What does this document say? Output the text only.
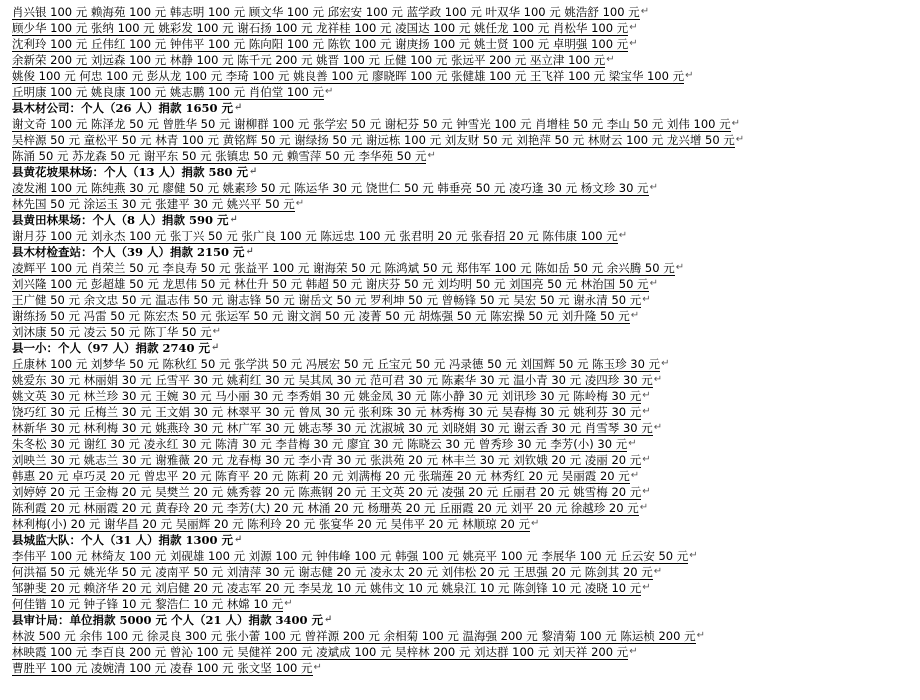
肖兴银 100 元 赖海苑 100 元 韩志明 100 元 顾文华 100 元 邱宏安 100 元 蓝学政 100 元 叶双华 100 元 姚浩舒 100 元↵
顾少华 100 元 张纳 100 元 姚彩发 100 元 谢石扬 100 元 龙祥桂 100 元 凌国达 100 元 姚任龙 100 元 肖松华 100 元↵
沈利玲 100 元 丘伟红 100 元 钟伟平 100 元 陈向阳 100 元 陈钦 100 元 谢庚扬 100 元 姚士贤 100 元 卓明强 100 元↵
余新荣 200 元 刘远森 100 元 林静 100 元 陈千元 200 元 姚晋 100 元 丘健 100 元 张远平 200 元 巫立津 100 元↵
姚俊 100 元 何忠 100 元 彭从龙 100 元 李琦 100 元 姚良善 100 元 廖晓晖 100 元 张健雄 100 元 王飞祥 100 元 梁宝华 100 元↵
丘明康 100 元 姚良康 100 元 姚志鹏 100 元 肖伯堂 100 元↵
县木材公司：个人（26 人）捐款 1650 元↵
谢文奇 100 元 陈泽龙 50 元 曾胜华 50 元 谢柳群 100 元 张学宏 50 元 谢杞芬 50 元 钟雪光 100 元 肖增桂 50 元 李山 50 元 刘伟 100 元↵
吴梓源 50 元 童松平 50 元 林青 100 元 黄铭辉 50 元 谢绿扬 50 元 谢远栋 100 元 刘友财 50 元 刘艳萍 50 元 林财云 100 元 龙兴增 50 元↵
陈涌 50 元 苏龙森 50 元 谢平东 50 元 张镇忠 50 元 赖雪萍 50 元 李华苑 50 元↵
县黄花坡果林场：个人（13 人）捐款 580 元↵
凌发湘 100 元 陈纯燕 30 元 廖健 50 元 姚素珍 50 元 陈运华 30 元 饶世仁 50 元 韩垂亮 50 元 凌巧逢 30 元 杨文珍 30 元↵
林先国 50 元 涂运玉 30 元 张建平 30 元 姚兴平 50 元↵
县黄田林果场：个人（8 人）捐款 590 元↵
谢月芬 100 元 刘永杰 100 元 张丁兴 50 元 张广良 100 元 陈远忠 100 元 张君明 20 元 张春招 20 元 陈伟康 100 元↵
县木材检查站：个人（39 人）捐款 2150 元↵
凌辉平 100 元 肖荣兰 50 元 李良寿 50 元 张益平 100 元 谢海荣 50 元 陈鸿斌 50 元 郑伟军 100 元 陈如岳 50 元 余兴腾 50 元↵
刘兴隆 100 元 彭超雄 50 元 龙思伟 50 元 林仕升 50 元 韩超 50 元 谢庆芬 50 元 刘均明 50 元 刘国亮 50 元 林治国 50 元↵
王广健 50 元 余文忠 50 元 温志伟 50 元 谢志锋 50 元 谢岳文 50 元 罗利坤 50 元 曾畅锋 50 元 吴宏 50 元 谢永清 50 元↵
谢练扬 50 元 冯雷 50 元 陈宏杰 50 元 张运军 50 元 谢文润 50 元 凌菁 50 元 胡炼强 50 元 陈宏操 50 元 刘升隆 50 元↵
刘沐康 50 元 凌云 50 元 陈丁华 50 元↵
县一小：个人（97 人）捐款 2740 元↵
丘康林 100 元 刘梦华 50 元 陈秋红 50 元 张学洪 50 元 冯展宏 50 元 丘宝元 50 元 冯录德 50 元 刘国辉 50 元 陈玉珍 30 元↵
姚爱东 30 元 林丽娟 30 元 丘雪平 30 元 姚莉红 30 元 吴其凤 30 元 范可君 30 元 陈素华 30 元 温小青 30 元 凌四珍 30 元↵
姚文英 30 元 林兰珍 30 元 王婉 30 元 马小丽 30 元 李秀娟 30 元 姚金凤 30 元 陈小静 30 元 刘讯珍 30 元 陈岭梅 30 元↵
饶巧红 30 元 丘梅兰 30 元 王文娟 30 元 林翠平 30 元 曾凤 30 元 张利珠 30 元 林秀梅 30 元 吴春梅 30 元 姚利芬 30 元↵
林新华 30 元 林利梅 30 元 姚燕玲 30 元 林广军 30 元 姚志琴 30 元 沈淑城 30 元 刘晓娟 30 元 谢云香 30 元 肖雪琴 30 元↵
朱冬松 30 元 谢红 30 元 凌永红 30 元 陈清 30 元 李昔梅 30 元 廖宜 30 元 陈晓云 30 元 曾秀珍 30 元 李芳(小) 30 元↵
刘映兰 30 元 姚志兰 30 元 谢雅薇 20 元 龙春梅 30 元 李小青 30 元 张洪苑 20 元 林丰兰 30 元 刘钦娥 20 元 凌丽 20 元↵
韩惠 20 元 卓巧灵 20 元 曾忠平 20 元 陈育平 20 元 陈莉 20 元 刘满梅 20 元 张瑞莲 20 元 林秀红 20 元 吴丽霞 20 元↵
刘婷婷 20 元 王金梅 20 元 吴樊兰 20 元 姚秀蓉 20 元 陈燕钢 20 元 王文英 20 元 凌强 20 元 丘丽君 20 元 姚雪梅 20 元↵
陈利霞 20 元 林丽霞 20 元 黄春玲 20 元 李芳(大) 20 元 林涌 20 元 杨珊英 20 元 丘丽霞 20 元 刘平 20 元 徐越珍 20 元↵
林利梅(小) 20 元 谢华昌 20 元 吴丽辉 20 元 陈利玲 20 元 张宴华 20 元 吴伟平 20 元 林顺琼 20 元↵
县城监大队：个人（31 人）捐款 1300 元↵
李伟平 100 元 林绮友 100 元 刘砚雄 100 元 刘源 100 元 钟伟峰 100 元 韩强 100 元 姚亮平 100 元 李展华 100 元 丘云安 50 元↵
何洪福 50 元 姚光华 50 元 凌南平 50 元 刘清萍 30 元 谢志健 20 元 凌永太 20 元 刘伟松 20 元 王思强 20 元 陈剑其 20 元↵
邹翀斐 20 元 赖济华 20 元 刘启健 20 元 凌志军 20 元 李吴龙 10 元 姚伟文 10 元 姚泉江 10 元 陈剑锋 10 元 凌晓 10 元↵
何佳锴 10 元 钟子锋 10 元 黎浩仁 10 元 林嫦 10 元↵
县审计局：单位捐款 5000 元 个人（21 人）捐款 3400 元↵
林波 500 元 余伟 100 元 徐灵良 300 元 张小蕾 100 元 曾祥源 200 元 余相菊 100 元 温海强 200 元 黎清菊 100 元 陈运桢 200 元↵
林映霞 100 元 李百良 200 元 曾沁 100 元 吴健祥 200 元 凌斌成 100 元 吴梓林 200 元 刘达群 100 元 刘天祥 200 元↵
曹胜平 100 元 凌婉清 100 元 凌春 100 元 张文坚 100 元↵
